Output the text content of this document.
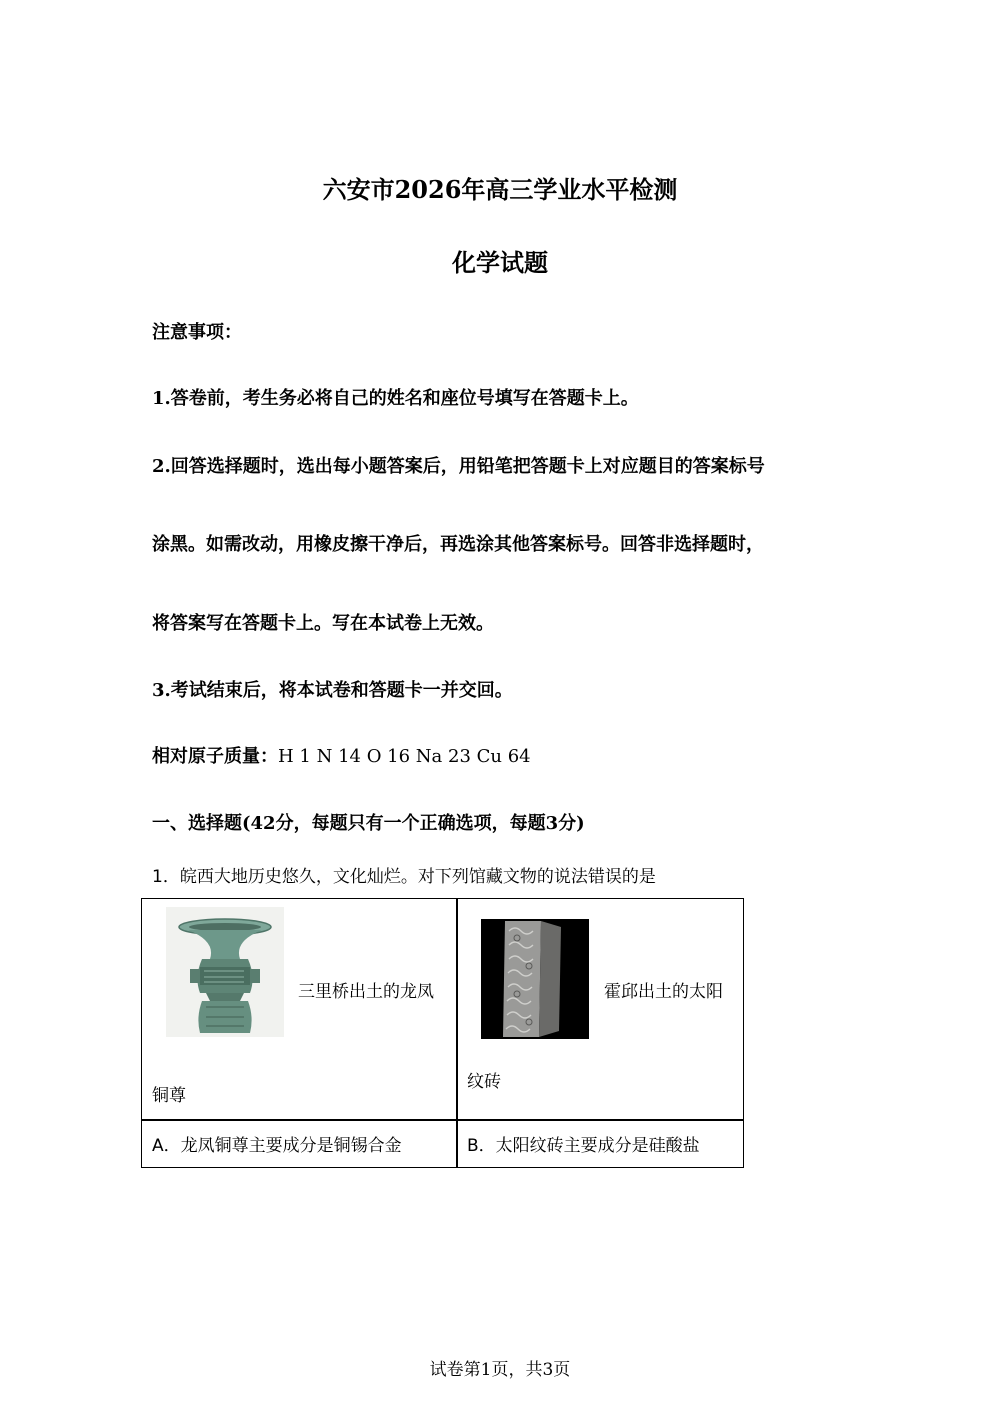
六安市2026年高三学业水平检测
化学试题
注意事项：
1.答卷前，考生务必将自己的姓名和座位号填写在答题卡上。
2.回答选择题时，选出每小题答案后，用铅笔把答题卡上对应题目的答案标号
涂黑。如需改动，用橡皮擦干净后，再选涂其他答案标号。回答非选择题时，
将答案写在答题卡上。写在本试卷上无效。
3.考试结束后，将本试卷和答题卡一并交回。
相对原子质量：H 1 N 14 O 16 Na 23 Cu 64
一、选择题(42分，每题只有一个正确选项，每题3分)
1．皖西大地历史悠久，文化灿烂。对下列馆藏文物的说法错误的是
三里桥出土的龙凤
铜尊
霍邱出土的太阳
纹砖
A．龙凤铜尊主要成分是铜锡合金	B．太阳纹砖主要成分是硅酸盐
试卷第1页，共3页
